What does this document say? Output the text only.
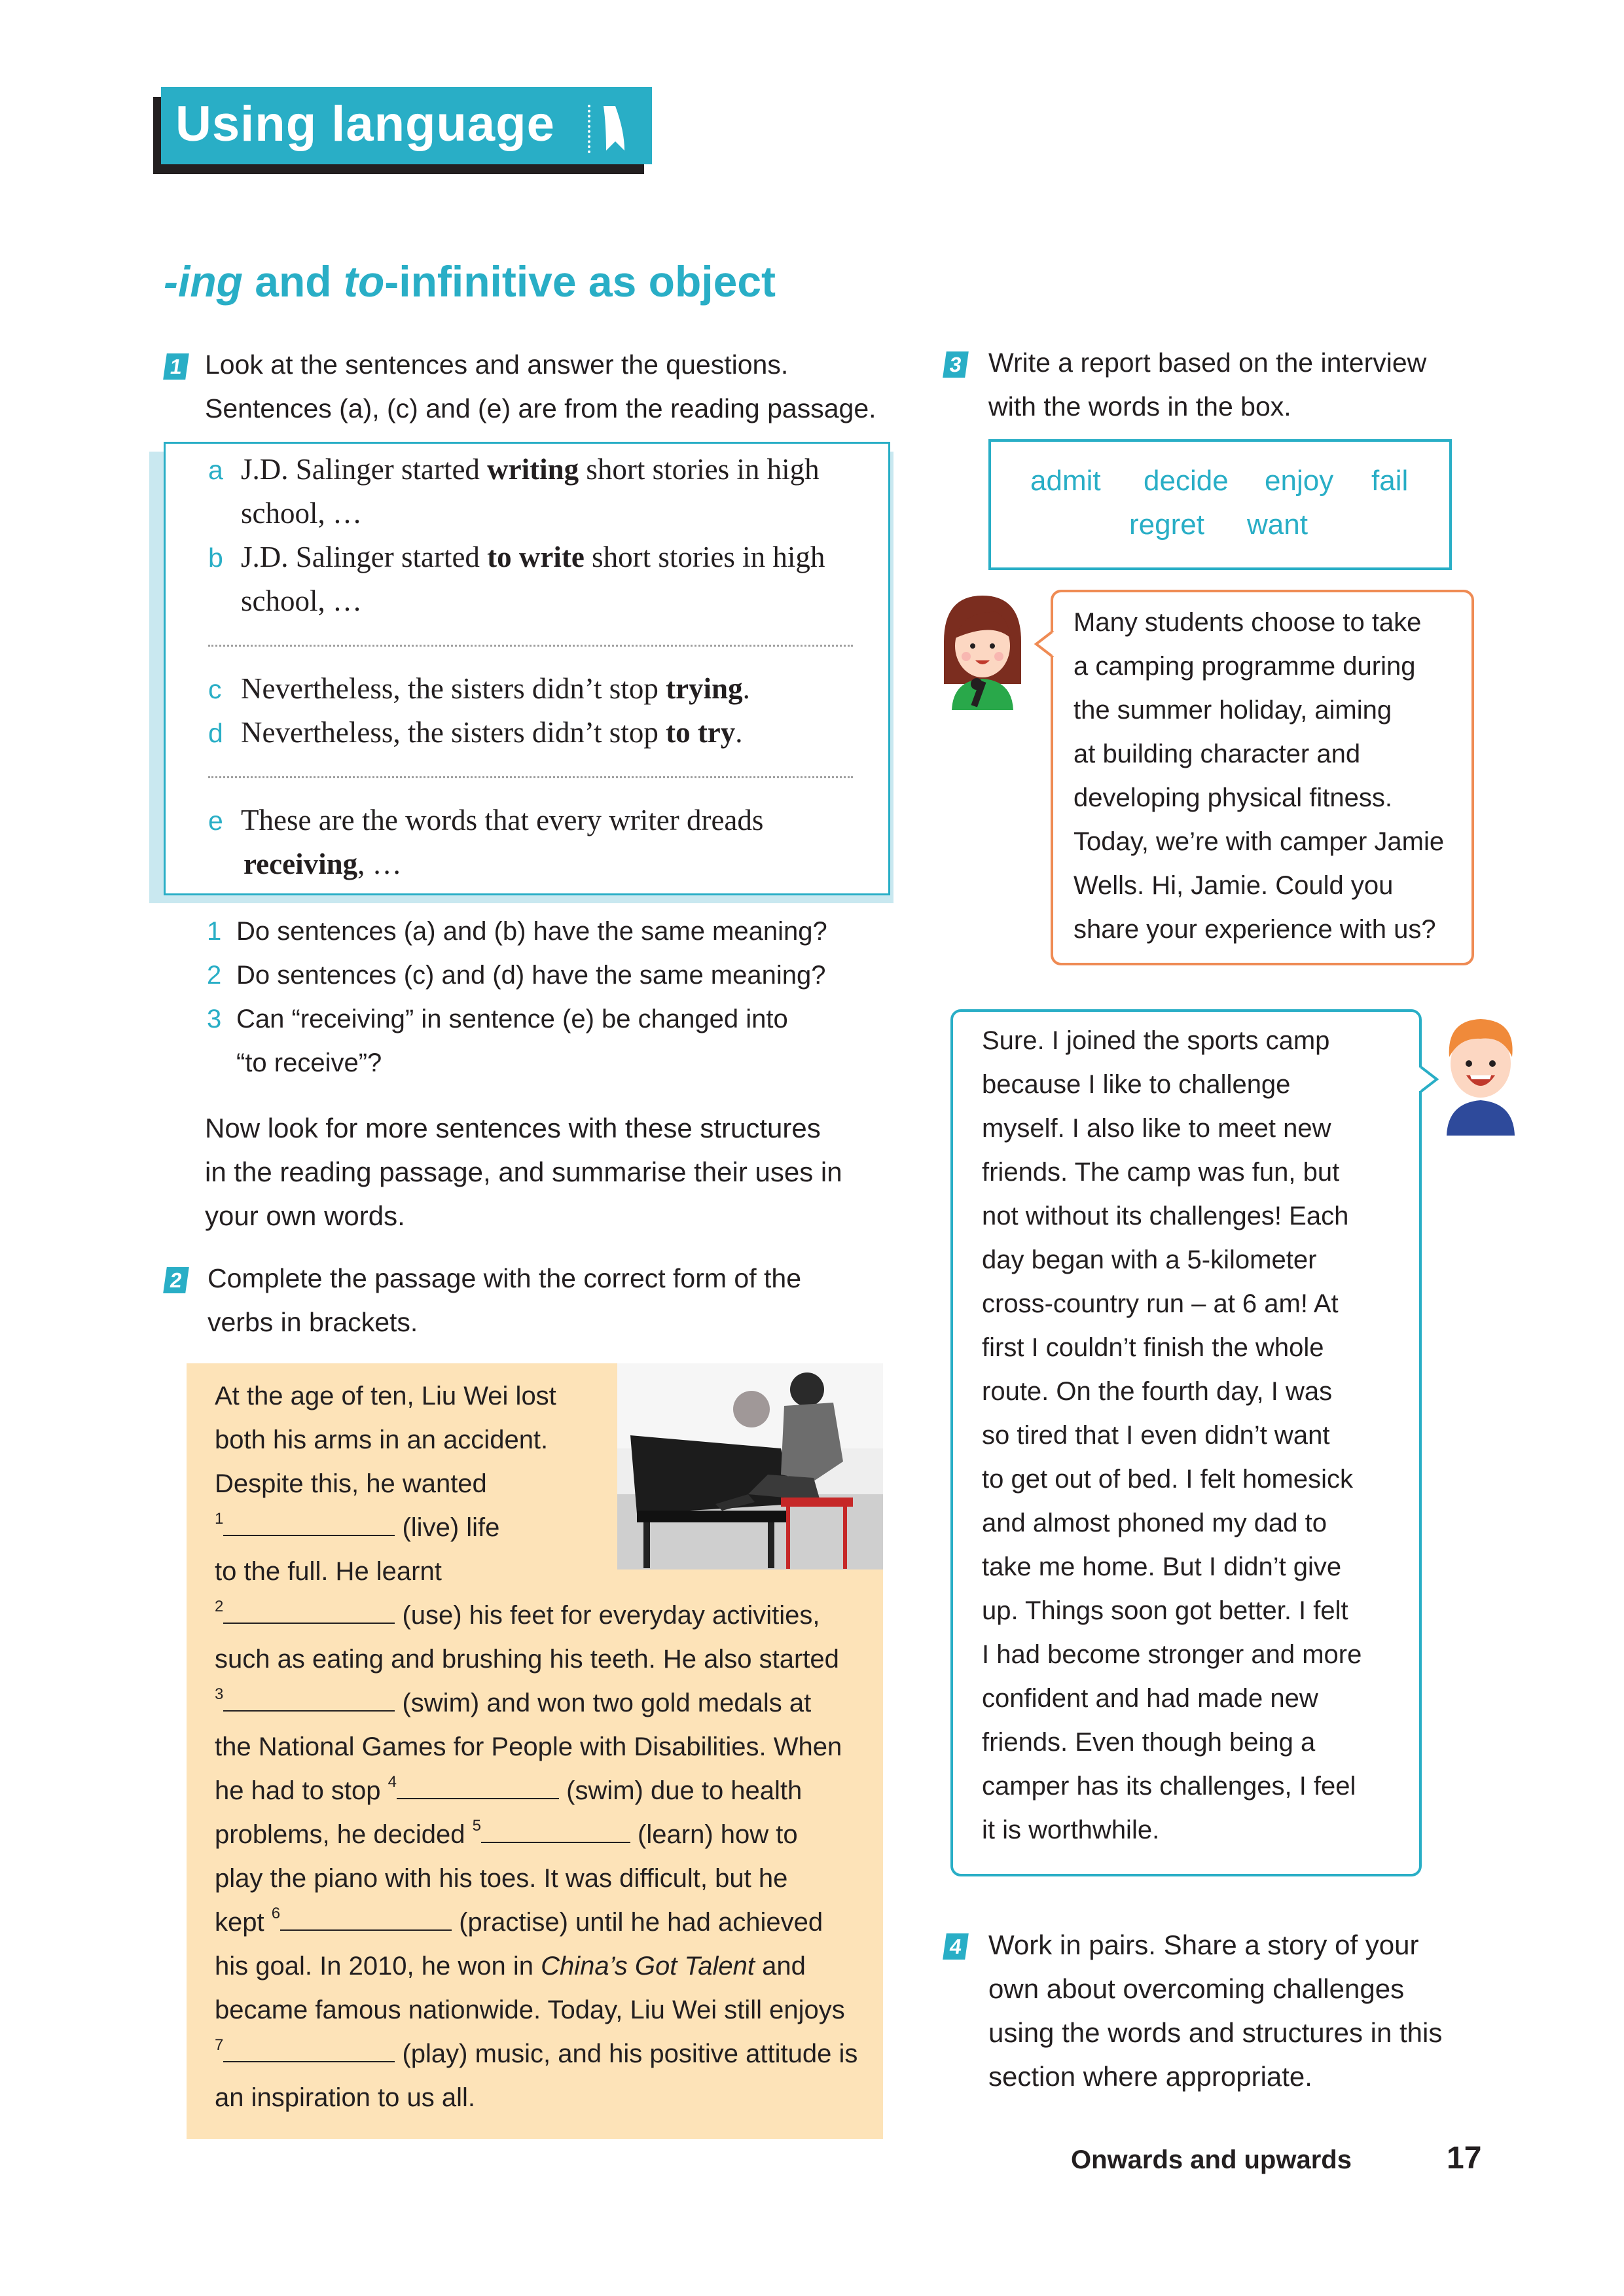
Using language
-ing and to-infinitive as object
1 Look at the sentences and answer the questions.

Sentences (a), (c) and (e) are from the reading passage.

a J.D. Salinger started writing short stories in high
school, …
b J.D. Salinger started to write short stories in high
school, …
c Nevertheless, the sisters didn’t stop trying.
d Nevertheless, the sisters didn’t stop to try.
e These are the words that every writer dreads
receiving, …
1 Do sentences (a) and (b) have the same meaning?
2 Do sentences (c) and (d) have the same meaning?
3 Can “receiving” in sentence (e) be changed into
“to receive”?

Now look for more sentences with these structures

in the reading passage, and summarise their uses in

your own words.

2 Complete the passage with the correct form of the

verbs in brackets.

At the age of ten, Liu Wei lost
both his arms in an accident.
Despite this, he wanted
$^1$	(live) life
to the full. He learnt
$^2$	(use) his feet for everyday activities,
such as eating and brushing his teeth. He also started
$^3$	(swim) and won two gold medals at
the National Games for People with Disabilities. When
he had to stop $^4$	(swim) due to health
problems, he decided $^5$	(learn) how to
play the piano with his toes. It was difficult, but he
kept $^6$	(practise) until he had achieved
his goal. In 2010, he won in China’s Got Talent and
became famous nationwide. Today, Liu Wei still enjoys
$^7$	(play) music, and his positive attitude is
an inspiration to us all.
3 Write a report based on the interview

with the words in the box.

admit decide enjoy fail
regret want
Many students choose to take
a camping programme during
the summer holiday, aiming
at building character and
developing physical fitness.
Today, we’re with camper Jamie
Wells. Hi, Jamie. Could you
share your experience with us?
Sure. I joined the sports camp
because I like to challenge
myself. I also like to meet new
friends. The camp was fun, but
not without its challenges! Each
day began with a 5-kilometer
cross-country run – at 6 am! At
first I couldn’t finish the whole
route. On the fourth day, I was
so tired that I even didn’t want
to get out of bed. I felt homesick
and almost phoned my dad to
take me home. But I didn’t give
up. Things soon got better. I felt
I had become stronger and more
confident and had made new
friends. Even though being a
camper has its challenges, I feel
it is worthwhile.
4 Work in pairs. Share a story of your

own about overcoming challenges

using the words and structures in this

section where appropriate.

Onwards and upwards	17
